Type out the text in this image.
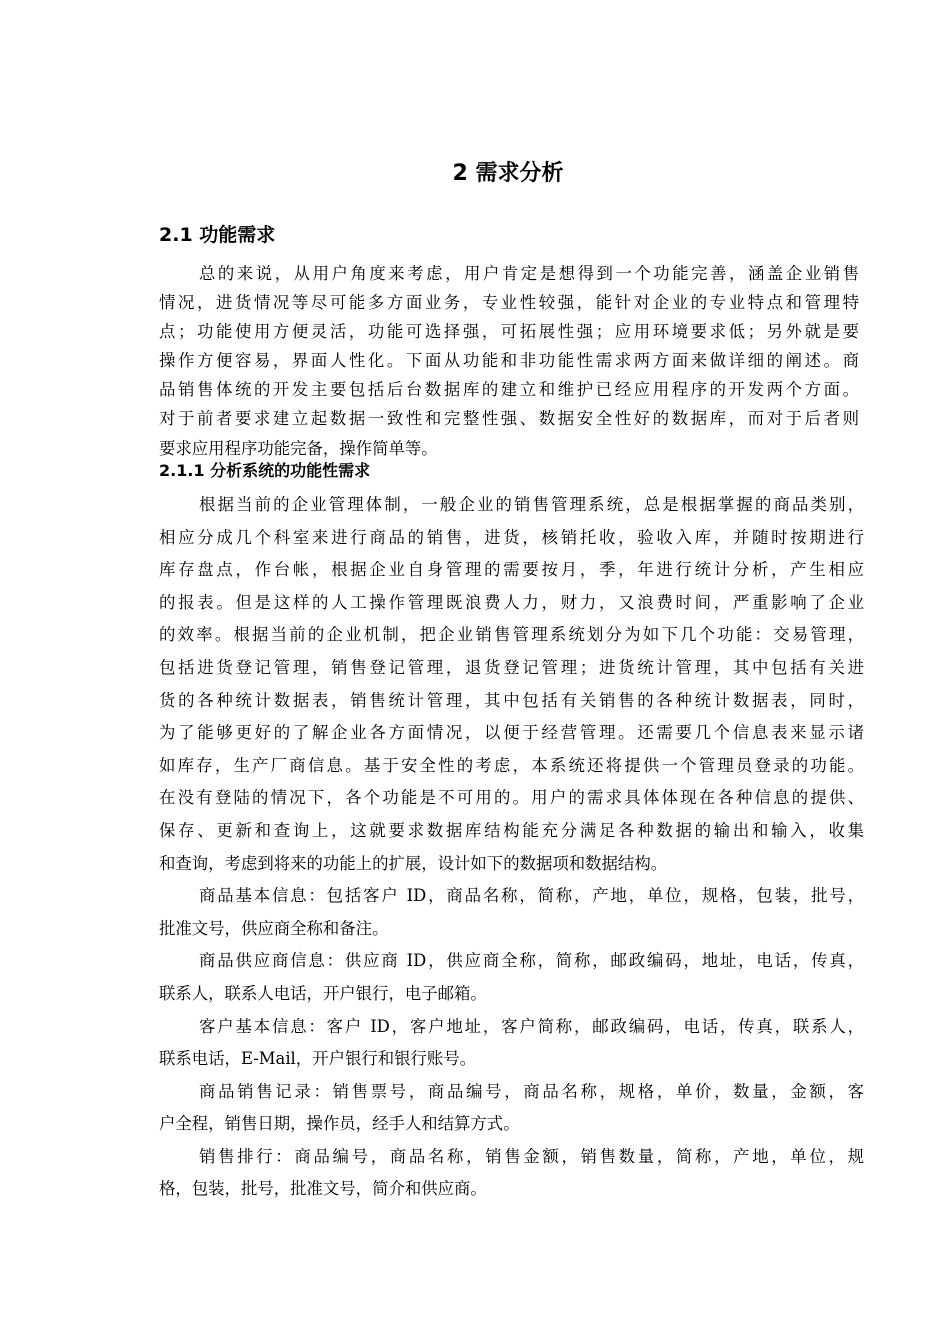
2 需求分析
2.1 功能需求
总的来说，从用户角度来考虑，用户肯定是想得到一个功能完善，涵盖企业销售
情况，进货情况等尽可能多方面业务，专业性较强，能针对企业的专业特点和管理特
点；功能使用方便灵活，功能可选择强，可拓展性强；应用环境要求低；另外就是要
操作方便容易，界面人性化。下面从功能和非功能性需求两方面来做详细的阐述。商
品销售体统的开发主要包括后台数据库的建立和维护已经应用程序的开发两个方面。
对于前者要求建立起数据一致性和完整性强、数据安全性好的数据库，而对于后者则
要求应用程序功能完备，操作简单等。
2.1.1 分析系统的功能性需求

根据当前的企业管理体制，一般企业的销售管理系统，总是根据掌握的商品类别，
相应分成几个科室来进行商品的销售，进货，核销托收，验收入库，并随时按期进行
库存盘点，作台帐，根据企业自身管理的需要按月，季，年进行统计分析，产生相应
的报表。但是这样的人工操作管理既浪费人力，财力，又浪费时间，严重影响了企业
的效率。根据当前的企业机制，把企业销售管理系统划分为如下几个功能：交易管理，
包括进货登记管理，销售登记管理，退货登记管理；进货统计管理，其中包括有关进
货的各种统计数据表，销售统计管理，其中包括有关销售的各种统计数据表，同时，
为了能够更好的了解企业各方面情况，以便于经营管理。还需要几个信息表来显示诸
如库存，生产厂商信息。基于安全性的考虑，本系统还将提供一个管理员登录的功能。
在没有登陆的情况下，各个功能是不可用的。用户的需求具体体现在各种信息的提供、
保存、更新和查询上，这就要求数据库结构能充分满足各种数据的输出和输入，收集
和查询，考虑到将来的功能上的扩展，设计如下的数据项和数据结构。

商品基本信息：包括客户 ID，商品名称，简称，产地，单位，规格，包装，批号，
批准文号，供应商全称和备注。

商品供应商信息：供应商 ID，供应商全称，简称，邮政编码，地址，电话，传真，
联系人，联系人电话，开户银行，电子邮箱。

客户基本信息：客户 ID，客户地址，客户简称，邮政编码，电话，传真，联系人，
联系电话，E-Mail，开户银行和银行账号。

商品销售记录：销售票号，商品编号，商品名称，规格，单价，数量，金额，客
户全程，销售日期，操作员，经手人和结算方式。

销售排行：商品编号，商品名称，销售金额，销售数量，简称，产地，单位，规
格，包装，批号，批准文号，简介和供应商。
